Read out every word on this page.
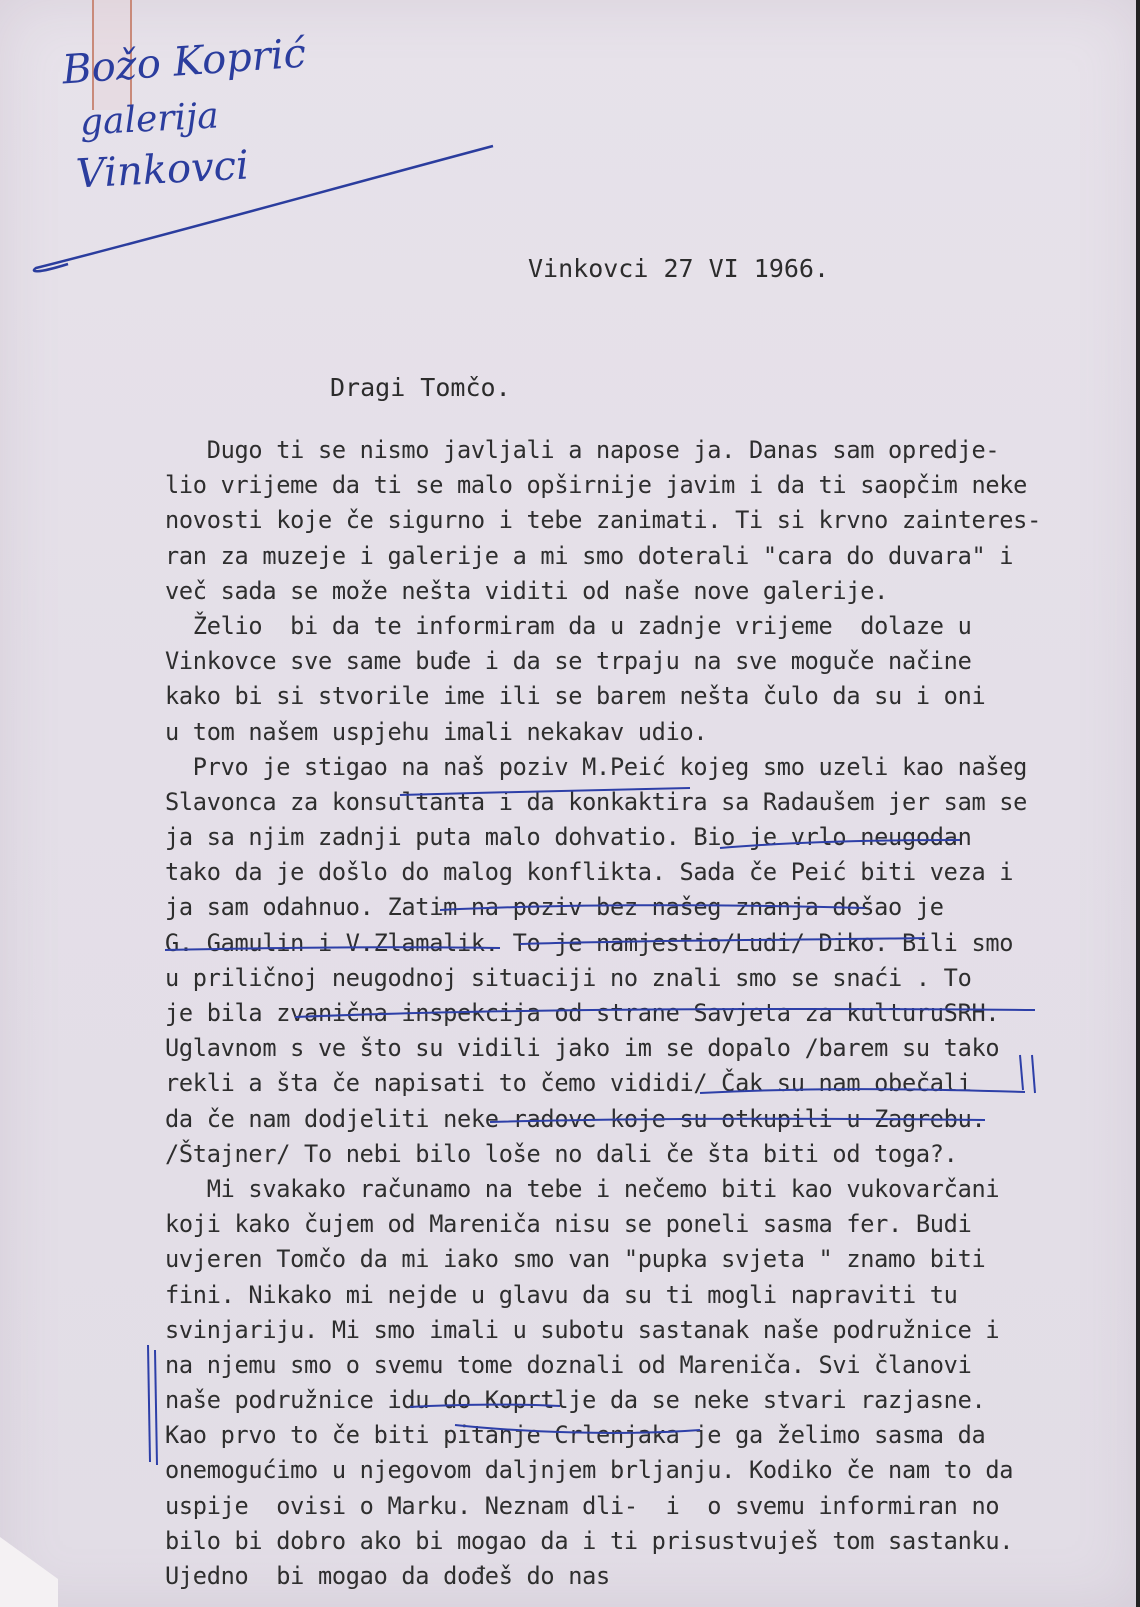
Božo Koprić
galerija
Vinkovci
Vinkovci 27 VI 1966.
Dragi Tomčo.
Dugo ti se nismo javljali a napose ja. Danas sam opredje-
lio vrijeme da ti se malo opširnije javim i da ti saopčim neke
novosti koje če sigurno i tebe zanimati. Ti si krvno zainteres-
ran za muzeje i galerije a mi smo doterali "cara do duvara" i
več sada se može nešta viditi od naše nove galerije.
Želio  bi da te informiram da u zadnje vrijeme  dolaze u
Vinkovce sve same buđe i da se trpaju na sve moguče načine
kako bi si stvorile ime ili se barem nešta čulo da su i oni
u tom našem uspjehu imali nekakav udio.
Prvo je stigao na naš poziv M.Peić kojeg smo uzeli kao našeg
Slavonca za konsultanta i da konkaktira sa Radaušem jer sam se
ja sa njim zadnji puta malo dohvatio. Bio je vrlo neugodan
tako da je došlo do malog konflikta. Sada če Peić biti veza i
ja sam odahnuo. Zatim na poziv bez našeg znanja došao je
G. Gamulin i V.Zlamalik. To je namjestio/Ludi/ Diko. Bili smo
u priličnoj neugodnoj situaciji no znali smo se snaći . To
je bila zvanična inspekcija od strane Savjeta za kulturuSRH.
Uglavnom s ve što su vidili jako im se dopalo /barem su tako
rekli a šta če napisati to čemo vididi/ Čak su nam obečali
da če nam dodjeliti neke radove koje su otkupili u Zagrebu.
/Štajner/ To nebi bilo loše no dali če šta biti od toga?.
Mi svakako računamo na tebe i nečemo biti kao vukovarčani
koji kako čujem od Mareniča nisu se poneli sasma fer. Budi
uvjeren Tomčo da mi iako smo van "pupka svjeta " znamo biti
fini. Nikako mi nejde u glavu da su ti mogli napraviti tu
svinjariju. Mi smo imali u subotu sastanak naše podružnice i
na njemu smo o svemu tome doznali od Mareniča. Svi članovi
naše podružnice idu do Koprtlje da se neke stvari razjasne.
Kao prvo to če biti pitanje Crlenjaka je ga želimo sasma da
onemogućimo u njegovom daljnjem brljanju. Kodiko če nam to da
uspije  ovisi o Marku. Neznam dli-  i  o svemu informiran no
bilo bi dobro ako bi mogao da i ti prisustvuješ tom sastanku.
Ujedno  bi mogao da dođeš do nas
